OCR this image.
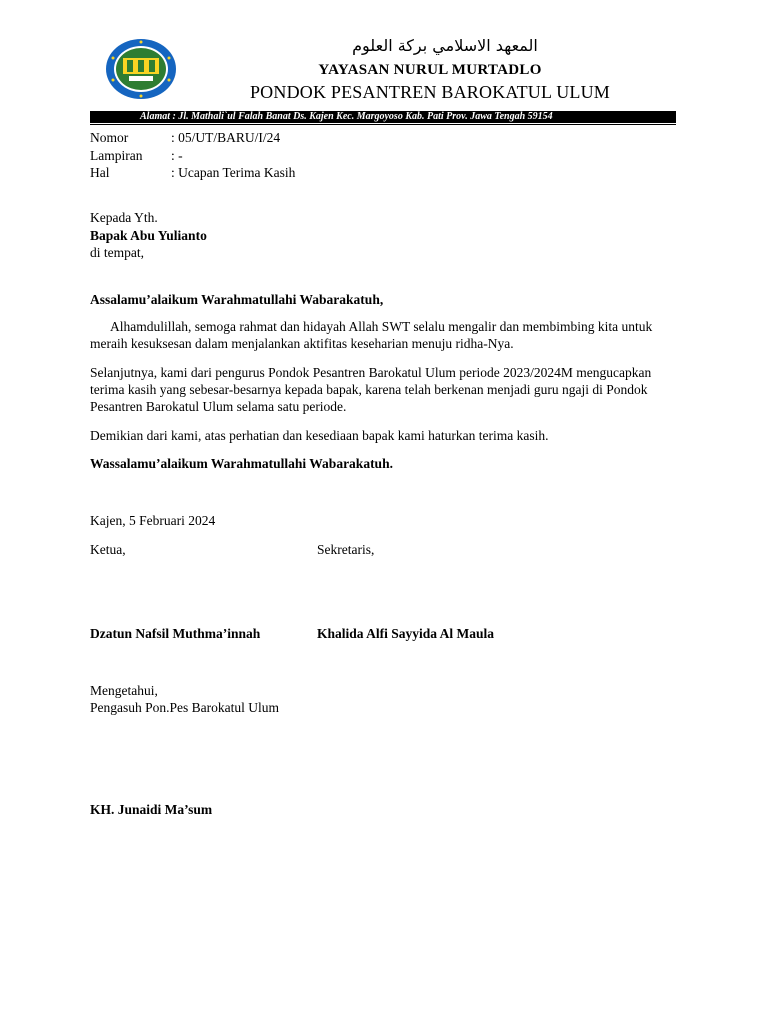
المعهد الاسلامي بركة العلوم
YAYASAN NURUL MURTADLO
PONDOK PESANTREN BAROKATUL ULUM
Alamat : Jl. Mathali`ul Falah Banat Ds. Kajen Kec. Margoyoso Kab. Pati Prov. Jawa Tengah 59154
Nomor	: 05/UT/BARU/I/24
Lampiran : -
Hal	: Ucapan Terima Kasih
Kepada Yth.
Bapak Abu Yulianto
di tempat,
Assalamu’alaikum Warahmatullahi Wabarakatuh,
Alhamdulillah, semoga rahmat dan hidayah Allah SWT selalu mengalir dan membimbing kita untuk meraih kesuksesan dalam menjalankan aktifitas keseharian menuju ridha-Nya.
Selanjutnya, kami dari pengurus Pondok Pesantren Barokatul Ulum periode 2023/2024M mengucapkan terima kasih yang sebesar-besarnya kepada bapak, karena telah berkenan menjadi guru ngaji di Pondok Pesantren Barokatul Ulum selama satu periode.
Demikian dari kami, atas perhatian dan kesediaan bapak kami haturkan terima kasih.
Wassalamu’alaikum Warahmatullahi Wabarakatuh.
Kajen, 5 Februari 2024
Ketua,	Sekretaris,
Dzatun Nafsil Muthma’innah	Khalida Alfi Sayyida Al Maula
Mengetahui,
Pengasuh Pon.Pes Barokatul Ulum
KH. Junaidi Ma’sum
